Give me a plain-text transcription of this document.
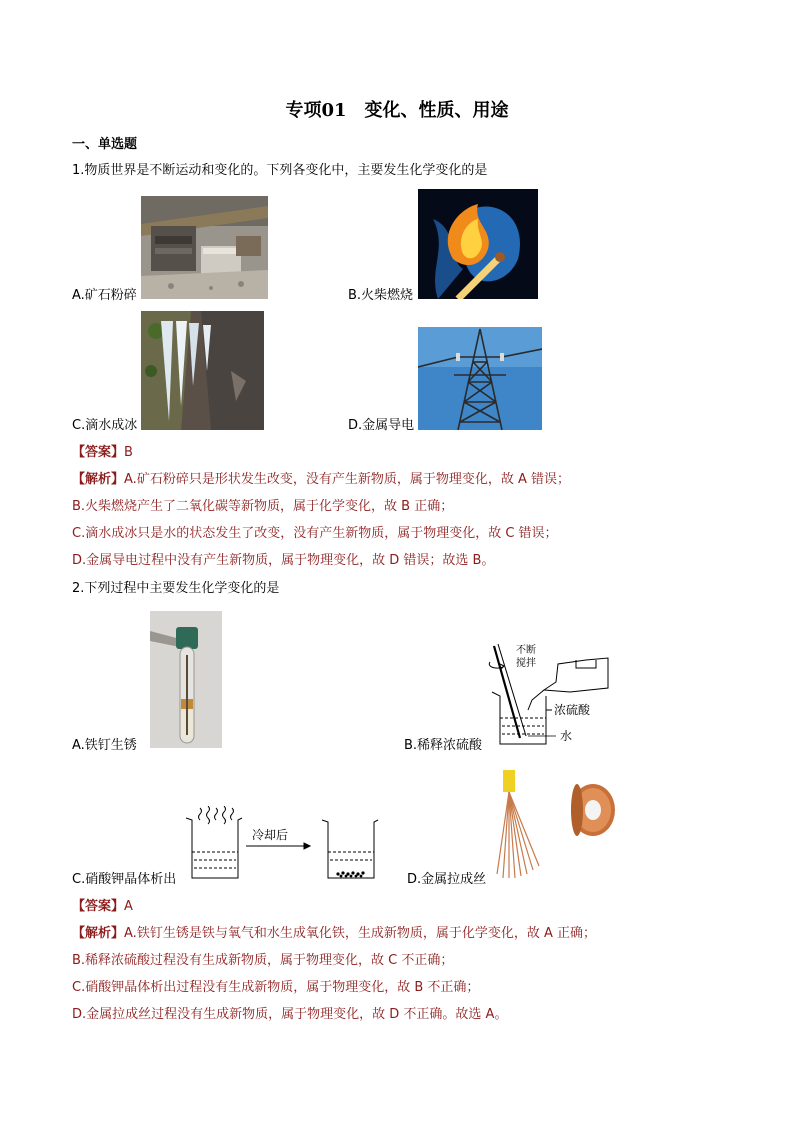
专项01　变化、性质、用途
一、单选题
1.物质世界是不断运动和变化的。下列各变化中，主要发生化学变化的是
A.矿石粉碎	B.火柴燃烧
C.滴水成冰	D.金属导电
【答案】B
【解析】A.矿石粉碎只是形状发生改变，没有产生新物质，属于物理变化，故 A 错误；
B.火柴燃烧产生了二氧化碳等新物质，属于化学变化，故 B 正确；
C.滴水成冰只是水的状态发生了改变，没有产生新物质，属于物理变化，故 C 错误；
D.金属导电过程中没有产生新物质，属于物理变化，故 D 错误；故选 B。
2.下列过程中主要发生化学变化的是
A.铁钉生锈
不断
搅拌
浓硫酸
水
B.稀释浓硫酸
冷却后
C.硝酸钾晶体析出	D.金属拉成丝
【答案】A
【解析】A.铁钉生锈是铁与氧气和水生成氧化铁，生成新物质，属于化学变化，故 A 正确；
B.稀释浓硫酸过程没有生成新物质，属于物理变化，故 C 不正确；
C.硝酸钾晶体析出过程没有生成新物质，属于物理变化，故 B 不正确；
D.金属拉成丝过程没有生成新物质，属于物理变化，故 D 不正确。故选 A。
